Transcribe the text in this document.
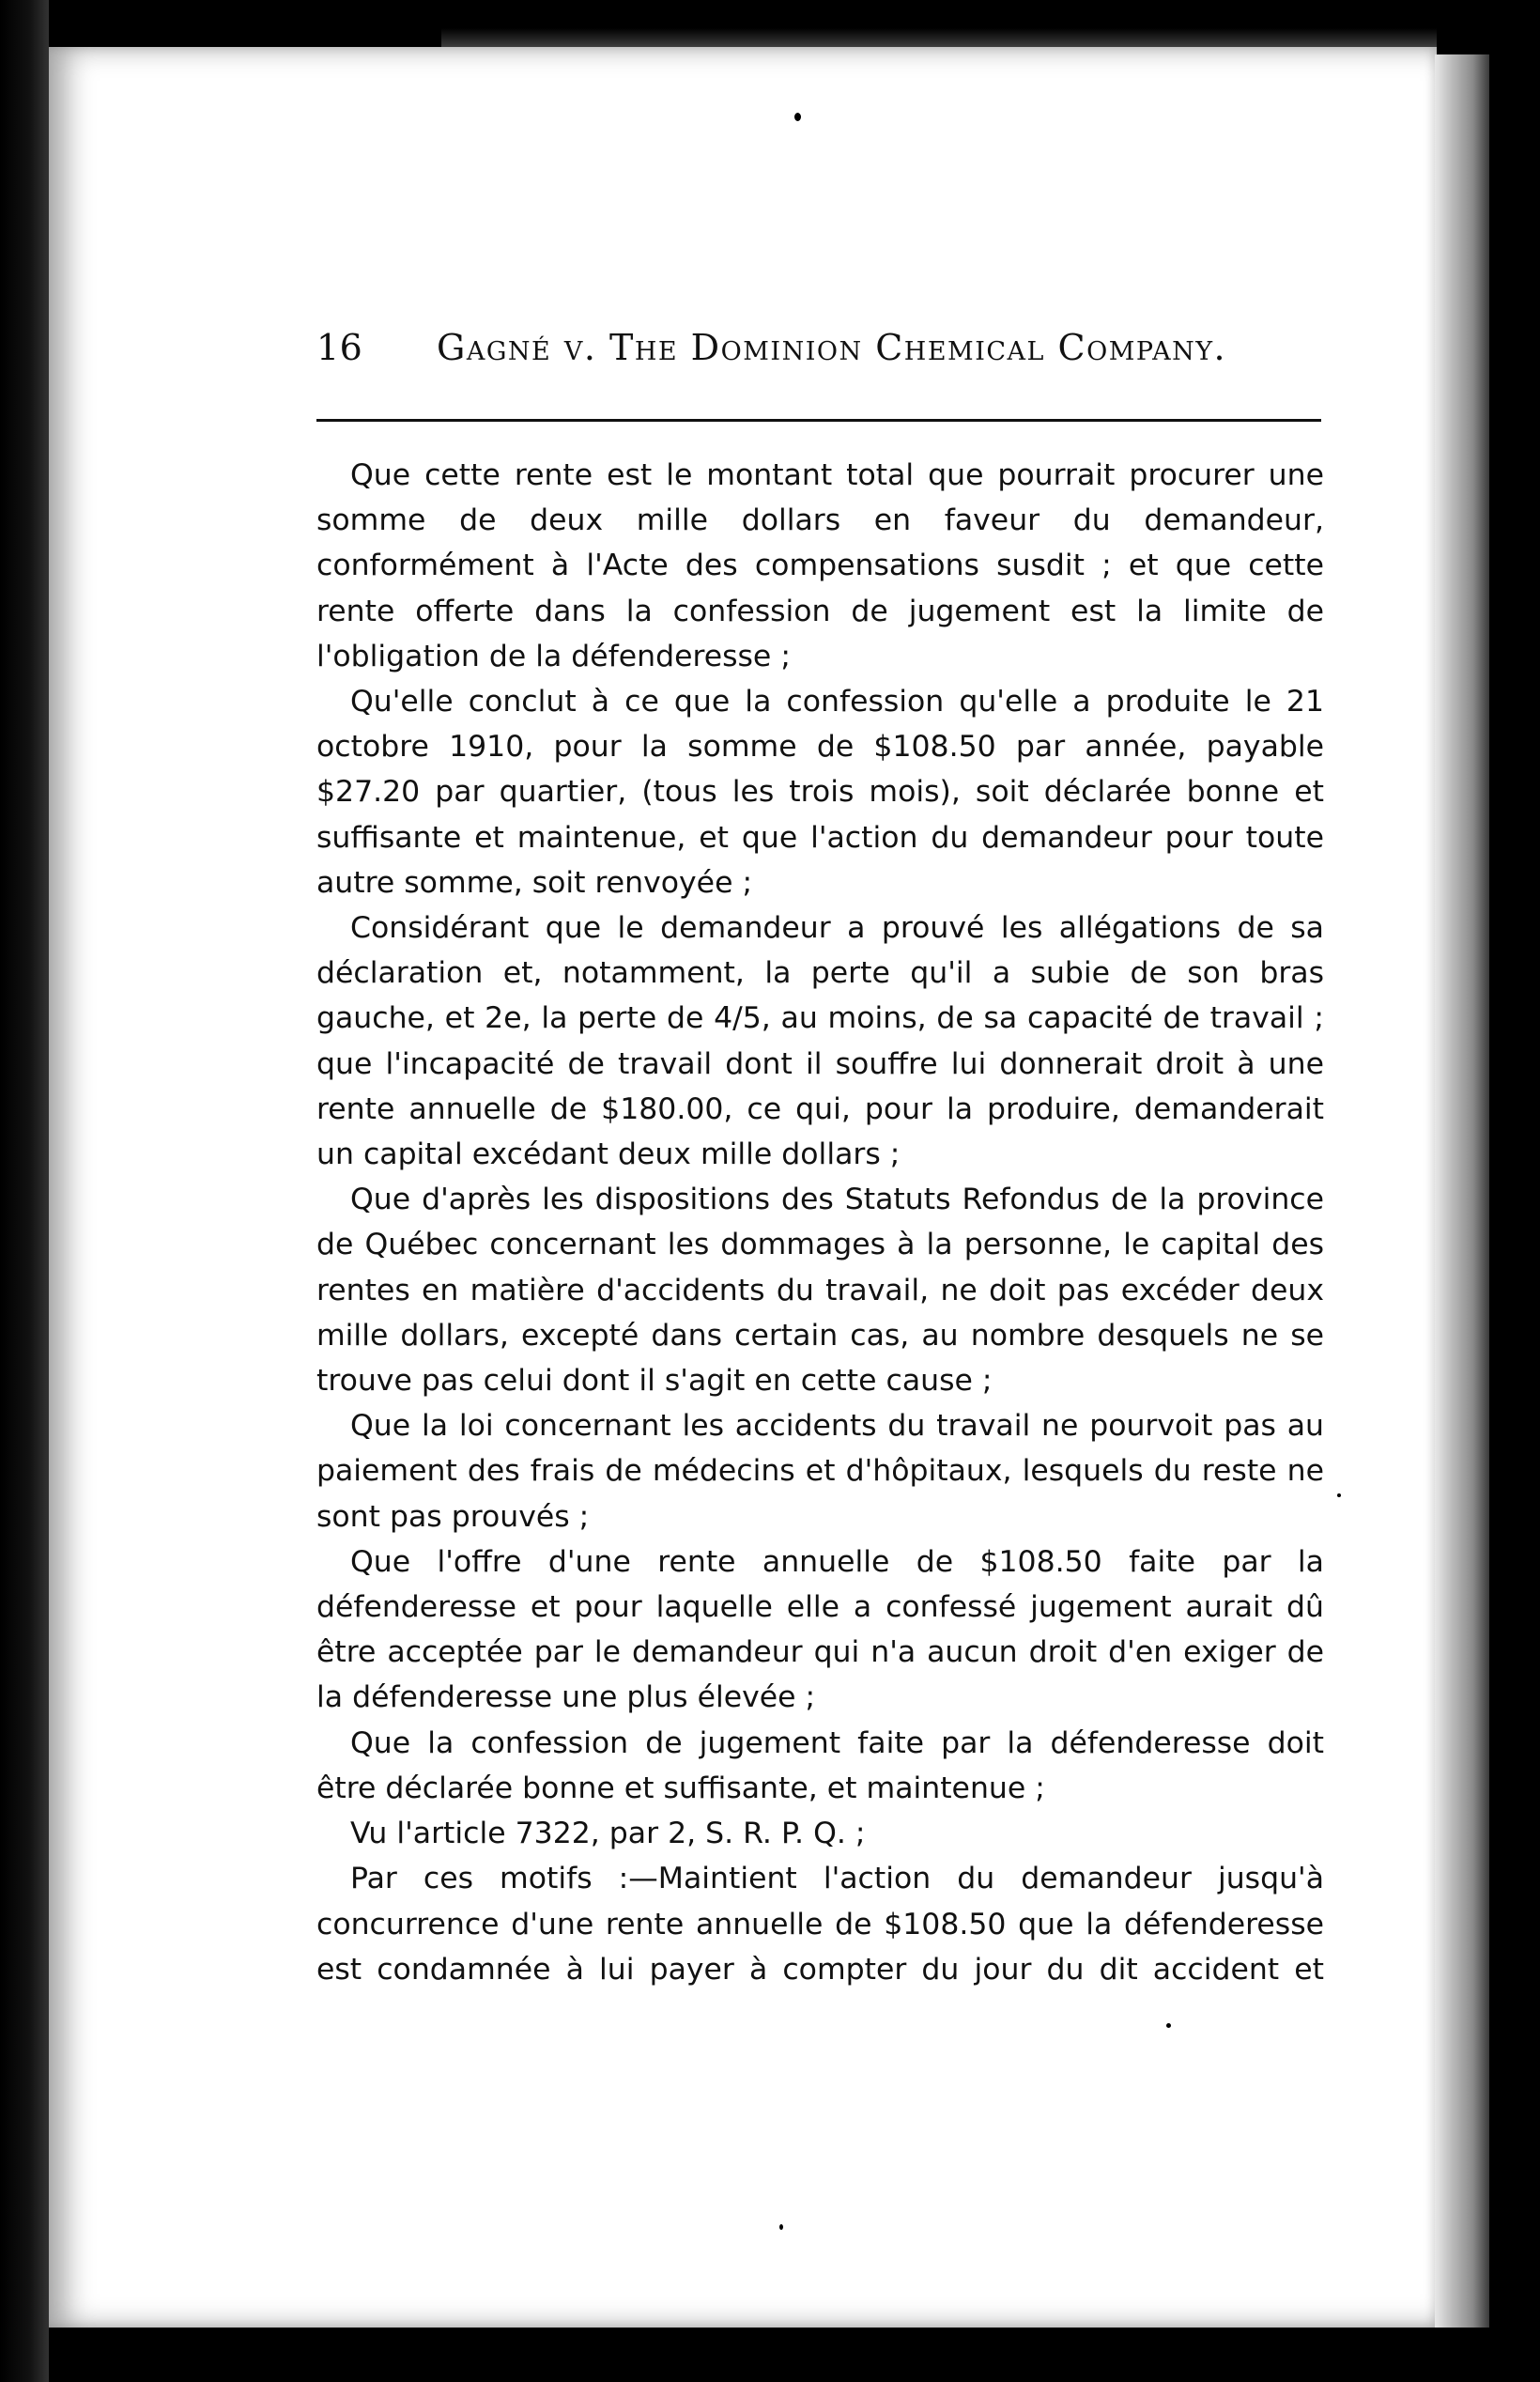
16 Gagné v. The Dominion Chemical Company.

Que cette rente est le montant total que pourrait procurer une somme de deux mille dollars en faveur du demandeur, conformément à l'Acte des compensations susdit ; et que cette rente offerte dans la confession de jugement est la limite de l'obligation de la défenderesse ;

Qu'elle conclut à ce que la confession qu'elle a produite le 21 octobre 1910, pour la somme de $108.50 par année, payable $27.20 par quartier, (tous les trois mois), soit déclarée bonne et suffisante et maintenue, et que l'action du demandeur pour toute autre somme, soit renvoyée ;

Considérant que le demandeur a prouvé les allégations de sa déclaration et, notamment, la perte qu'il a subie de son bras gauche, et 2e, la perte de 4/5, au moins, de sa capacité de travail ; que l'incapacité de travail dont il souffre lui donnerait droit à une rente annuelle de $180.00, ce qui, pour la produire, demanderait un capital excédant deux mille dollars ;

Que d'après les dispositions des Statuts Refondus de la province de Québec concernant les dommages à la personne, le capital des rentes en matière d'accidents du travail, ne doit pas excéder deux mille dollars, excepté dans certain cas, au nombre desquels ne se trouve pas celui dont il s'agit en cette cause ;

Que la loi concernant les accidents du travail ne pourvoit pas au paiement des frais de médecins et d'hôpitaux, lesquels du reste ne sont pas prouvés ;

Que l'offre d'une rente annuelle de $108.50 faite par la défenderesse et pour laquelle elle a confessé jugement aurait dû être acceptée par le demandeur qui n'a aucun droit d'en exiger de la défenderesse une plus élevée ;

Que la confession de jugement faite par la défenderesse doit être déclarée bonne et suffisante, et maintenue ;

Vu l'article 7322, par 2, S. R. P. Q. ;

Par ces motifs :—Maintient l'action du demandeur jusqu'à concurrence d'une rente annuelle de $108.50 que la défenderesse est condamnée à lui payer à compter du jour du dit accident et
